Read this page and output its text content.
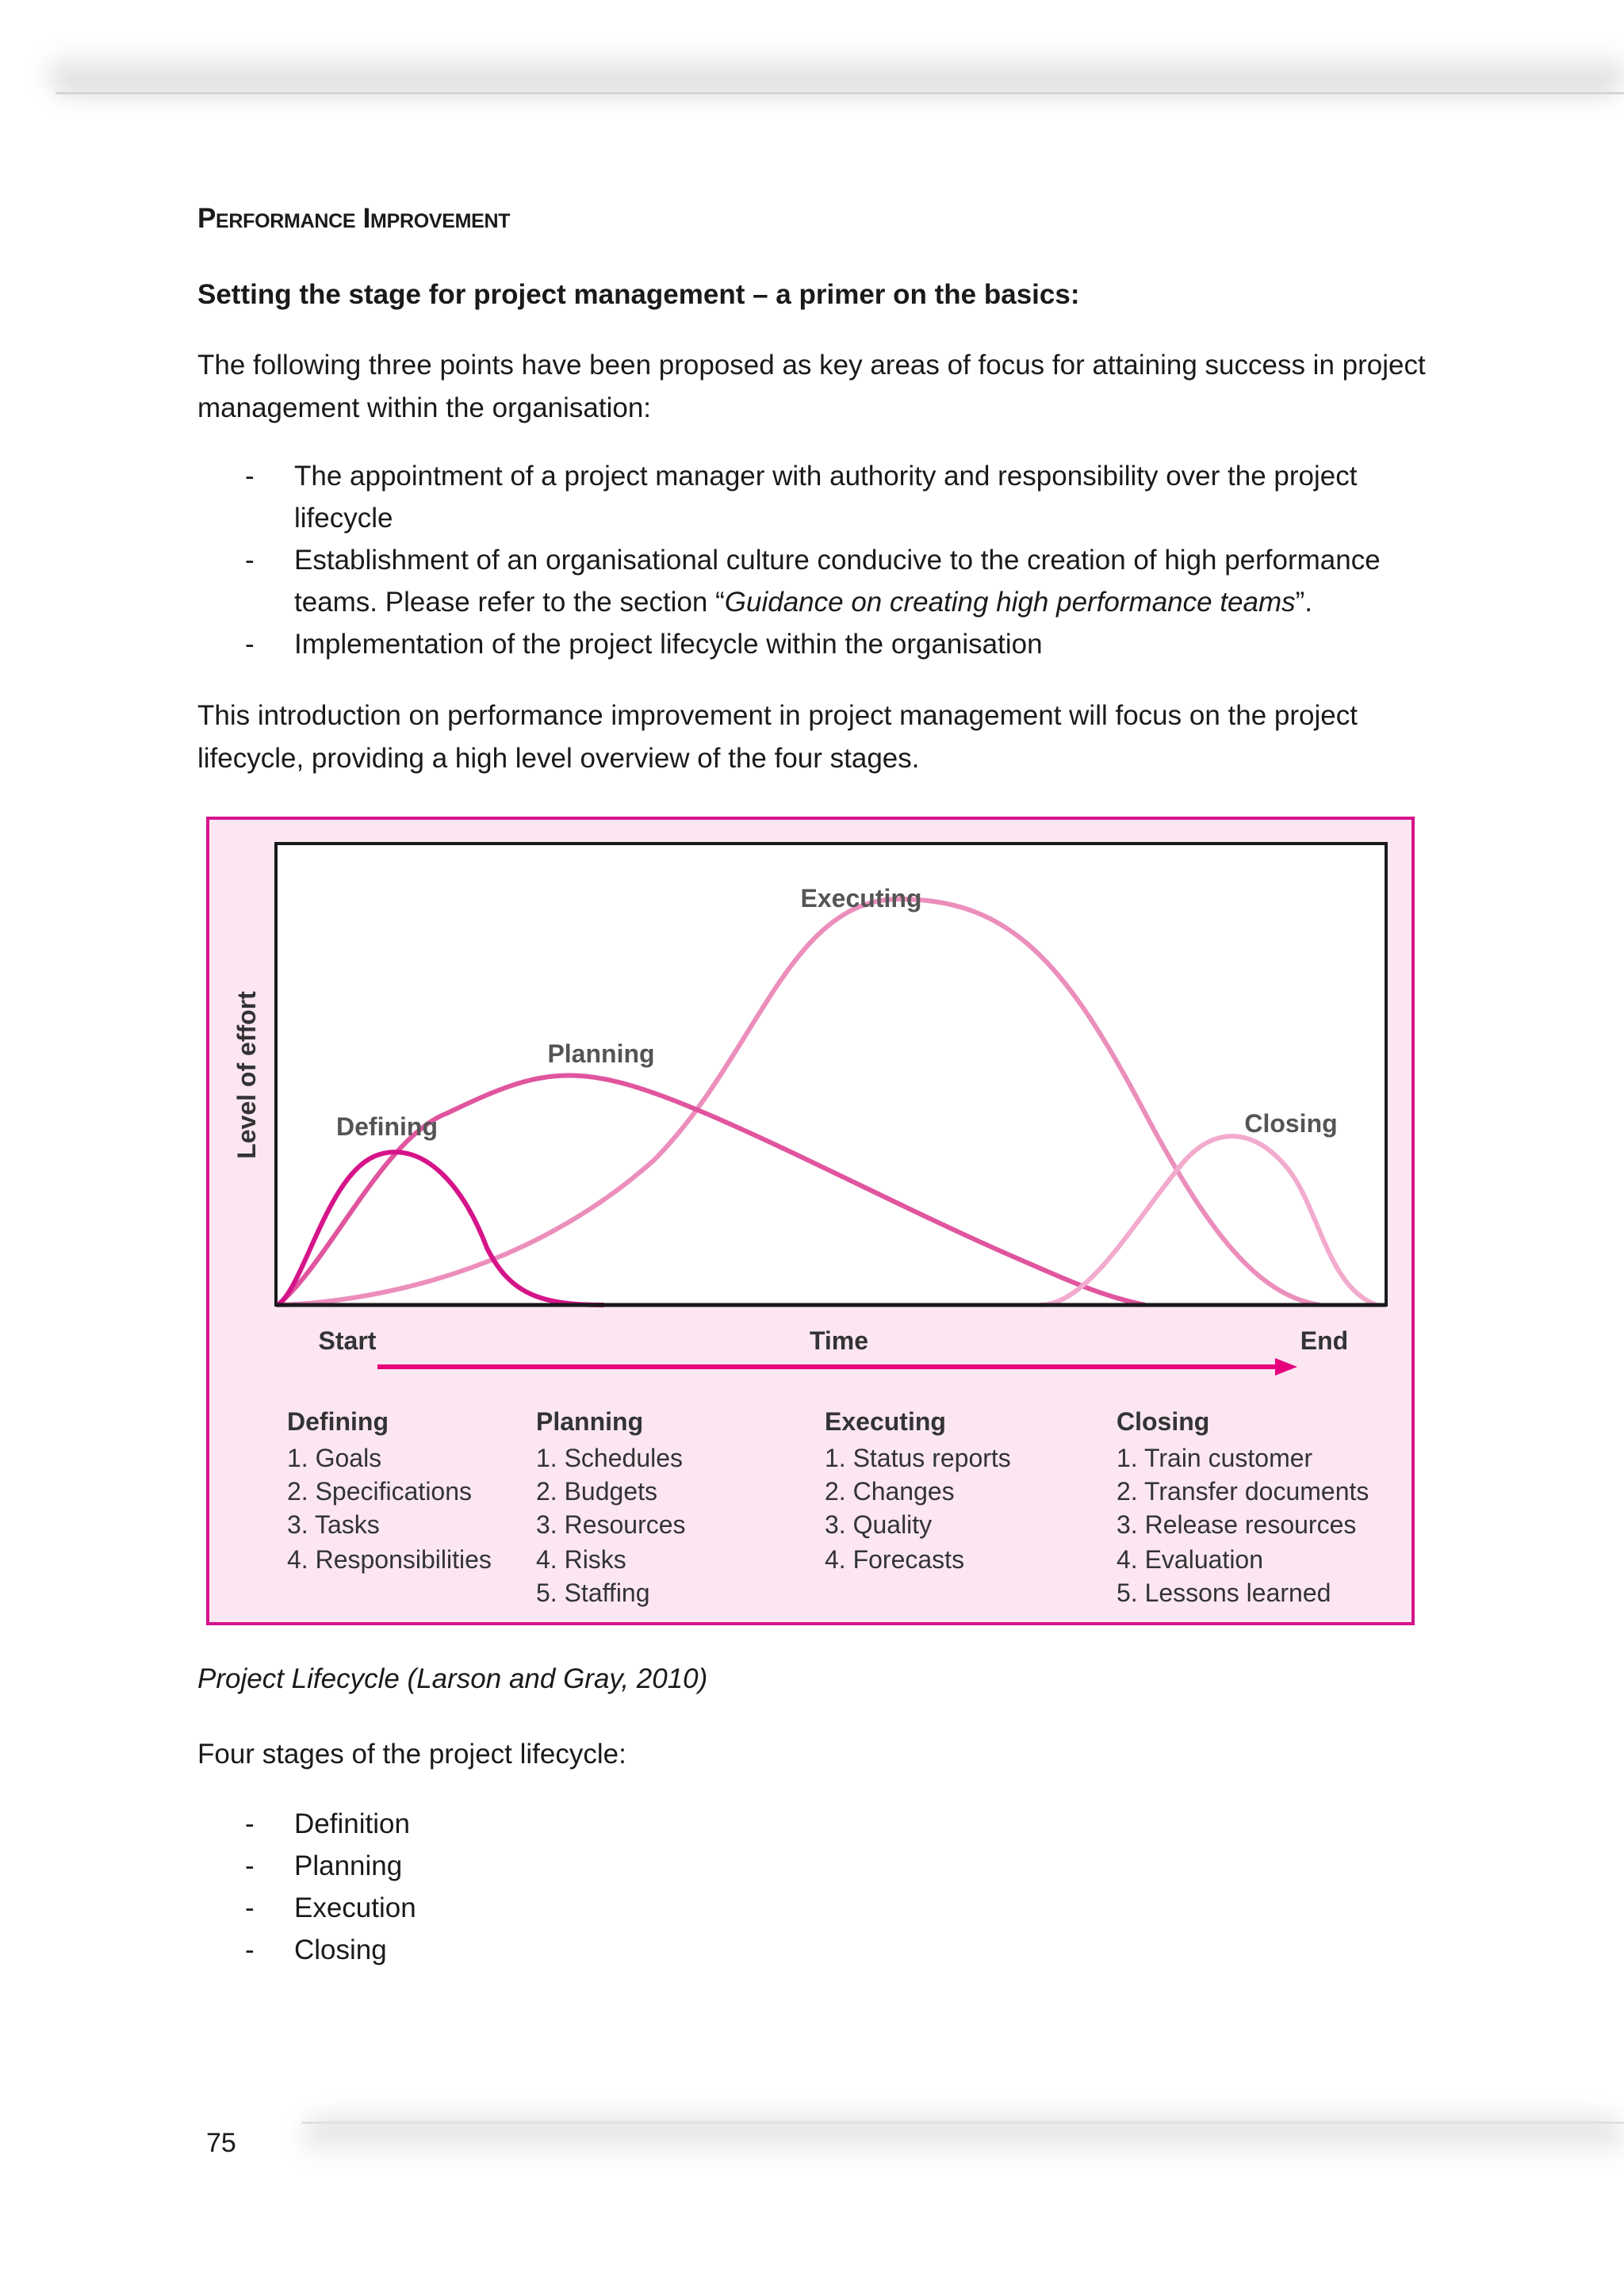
Performance Improvement
Setting the stage for project management – a primer on the basics:
The following three points have been proposed as key areas of focus for attaining success in project management within the organisation:
- The appointment of a project manager with authority and responsibility over the project lifecycle
- Establishment of an organisational culture conducive to the creation of high performance teams. Please refer to the section “Guidance on creating high performance teams”.
- Implementation of the project lifecycle within the organisation
This introduction on performance improvement in project management will focus on the project lifecycle, providing a high level overview of the four stages.
Four stages of the project lifecycle:
- Definition
- Planning
- Execution
- Closing
Executing
Planning
Defining	Closing
Level of effort
Start	Time	End
Defining
1. Goals
2. Specifications
3. Tasks
4. Responsibilities
Planning
1. Schedules
2. Budgets
3. Resources
4. Risks
5. Staffing
Executing
1. Status reports
2. Changes
3. Quality
4. Forecasts
Closing
1. Train customer
2. Transfer documents
3. Release resources
4. Evaluation
5. Lessons learned
Project Lifecycle (Larson and Gray, 2010)
75
